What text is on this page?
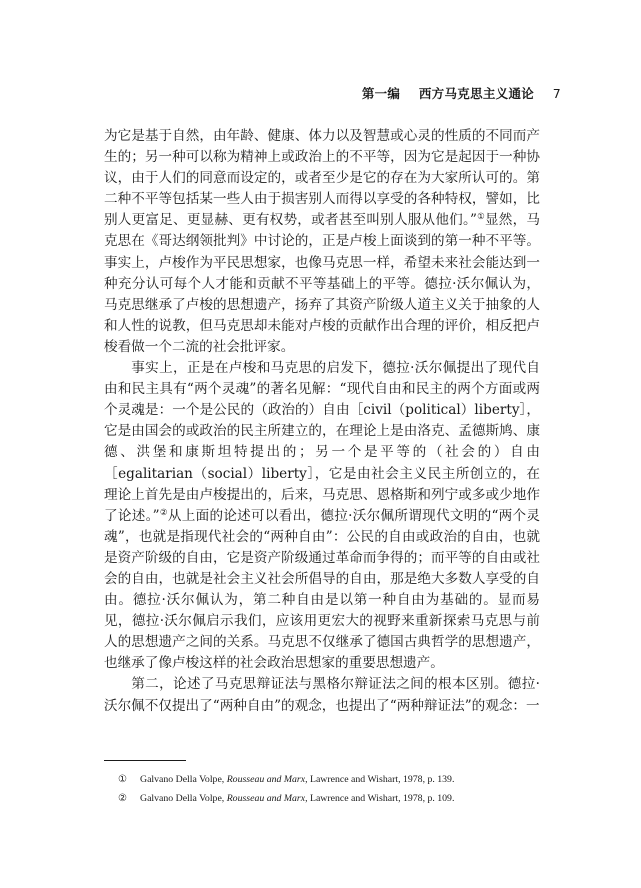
第一编 西方马克思主义通论 7

为它是基于自然，由年龄、健康、体力以及智慧或心灵的性质的不同而产生的；另一种可以称为精神上或政治上的不平等，因为它是起因于一种协议，由于人们的同意而设定的，或者至少是它的存在为大家所认可的。第二种不平等包括某一些人由于损害别人而得以享受的各种特权，譬如，比别人更富足、更显赫、更有权势，或者甚至叫别人服从他们。”①显然，马克思在《哥达纲领批判》中讨论的，正是卢梭上面谈到的第一种不平等。事实上，卢梭作为平民思想家，也像马克思一样，希望未来社会能达到一种充分认可每个人才能和贡献不平等基础上的平等。德拉·沃尔佩认为，马克思继承了卢梭的思想遗产，扬弃了其资产阶级人道主义关于抽象的人和人性的说教，但马克思却未能对卢梭的贡献作出合理的评价，相反把卢梭看做一个二流的社会批评家。

事实上，正是在卢梭和马克思的启发下，德拉·沃尔佩提出了现代自由和民主具有“两个灵魂”的著名见解：“现代自由和民主的两个方面或两个灵魂是：一个是公民的（政治的）自由［civil（political）liberty］，它是由国会的或政治的民主所建立的，在理论上是由洛克、孟德斯鸠、康德、洪堡和康斯坦特提出的；另一个是平等的（社会的）自由［egalitarian（social）liberty］，它是由社会主义民主所创立的，在理论上首先是由卢梭提出的，后来，马克思、恩格斯和列宁或多或少地作了论述。”②从上面的论述可以看出，德拉·沃尔佩所谓现代文明的“两个灵魂”，也就是指现代社会的“两种自由”：公民的自由或政治的自由，也就是资产阶级的自由，它是资产阶级通过革命而争得的；而平等的自由或社会的自由，也就是社会主义社会所倡导的自由，那是绝大多数人享受的自由。德拉·沃尔佩认为，第二种自由是以第一种自由为基础的。显而易见，德拉·沃尔佩启示我们，应该用更宏大的视野来重新探索马克思与前人的思想遗产之间的关系。马克思不仅继承了德国古典哲学的思想遗产，也继承了像卢梭这样的社会政治思想家的重要思想遗产。

第二，论述了马克思辩证法与黑格尔辩证法之间的根本区别。德拉·沃尔佩不仅提出了“两种自由”的观念，也提出了“两种辩证法”的观念：一

① Galvano Della Volpe, Rousseau and Marx, Lawrence and Wishart, 1978, p. 139.
② Galvano Della Volpe, Rousseau and Marx, Lawrence and Wishart, 1978, p. 109.
